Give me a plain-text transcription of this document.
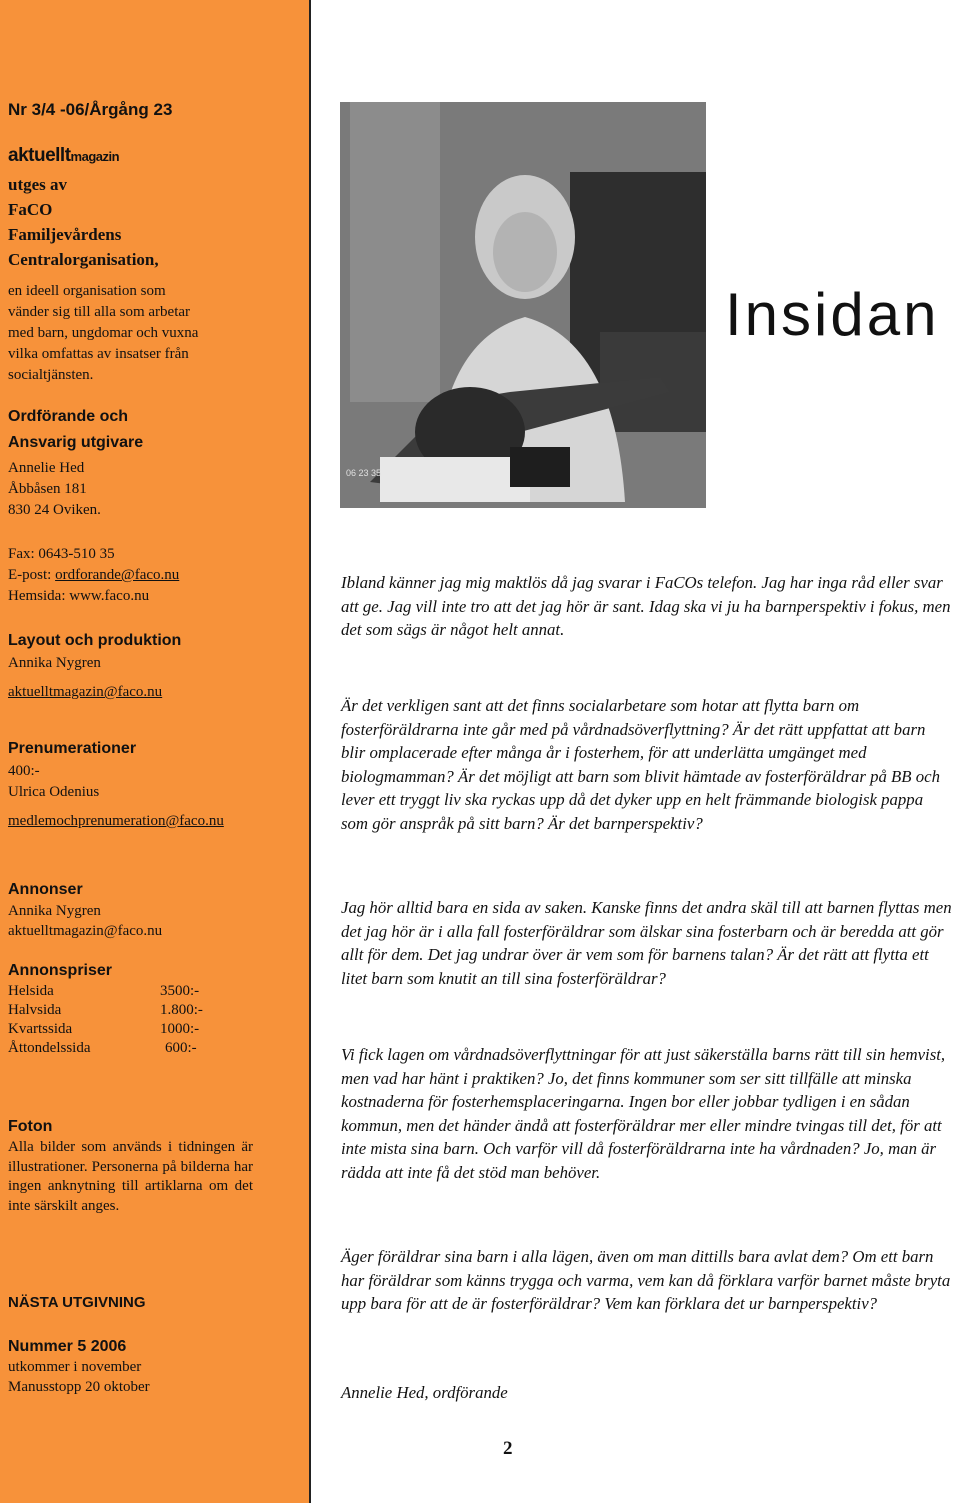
Nr 3/4 -06/Årgång 23
aktuelltmagazin
utges av
FaCO
Familjevårdens
Centralorganisation,
en ideell organisation som
vänder sig till alla som arbetar
med barn, ungdomar och vuxna
vilka omfattas av insatser från
socialtjänsten.
Ordförande och
Ansvarig utgivare
Annelie Hed
Åbbåsen 181
830 24 Oviken.
Fax: 0643-510 35
E-post: ordforande@faco.nu
Hemsida: www.faco.nu
Layout och produktion
Annika Nygren
aktuelltmagazin@faco.nu
Prenumerationer
400:-
Ulrica Odenius
medlemochprenumeration@faco.nu
Annonser
Annika Nygren
aktuelltmagazin@faco.nu
Annonspriser
Helsida	3500:-
Halvsida	1.800:-
Kvartssida	1000:-
Åttondelssida	600:-
Foton
Alla bilder som används i tidningen är illustrationer. Personerna på bilderna har ingen anknytning till artiklarna om det inte särskilt anges.
NÄSTA UTGIVNING
Nummer 5 2006
utkommer i november
Manusstopp 20 oktober
06 23 35
Insidan
Ibland känner jag mig maktlös då jag svarar i FaCOs telefon. Jag har inga råd eller svar att ge. Jag vill inte tro att det jag hör är sant. Idag ska vi ju ha barnperspektiv i fokus, men det som sägs är något helt annat.
Är det verkligen sant att det finns socialarbetare som hotar att flytta barn om fosterföräldrarna inte går med på vårdnadsöverflyttning? Är det rätt uppfattat att barn blir omplacerade efter många år i fosterhem, för att underlätta umgänget med biologmamman? Är det möjligt att barn som blivit hämtade av fosterföräldrar på BB och lever ett tryggt liv ska ryckas upp då det dyker upp en helt främmande biologisk pappa som gör anspråk på sitt barn? Är det barnperspektiv?
Jag hör alltid bara en sida av saken. Kanske finns det andra skäl till att barnen flyttas men det jag hör är i alla fall fosterföräldrar som älskar sina fosterbarn och är beredda att gör allt för dem. Det jag undrar över är vem som för barnens talan? Är det rätt att flytta ett litet barn som knutit an till sina fosterföräldrar?
Vi fick lagen om vårdnadsöverflyttningar för att just säkerställa barns rätt till sin hemvist, men vad har hänt i praktiken? Jo, det finns kommuner som ser sitt tillfälle att minska kostnaderna för fosterhemsplaceringarna. Ingen bor eller jobbar tydligen i en sådan kommun, men det händer ändå att fosterföräldrar mer eller mindre tvingas till det, för att inte mista sina barn. Och varför vill då fosterföräldrarna inte ha vårdnaden? Jo, man är rädda att inte få det stöd man behöver.
Äger föräldrar sina barn i alla lägen, även om man dittills bara avlat dem? Om ett barn har föräldrar som känns trygga och varma, vem kan då förklara varför barnet måste bryta upp bara för att de är fosterföräldrar? Vem kan förklara det ur barnperspektiv?
Annelie Hed, ordförande
2
